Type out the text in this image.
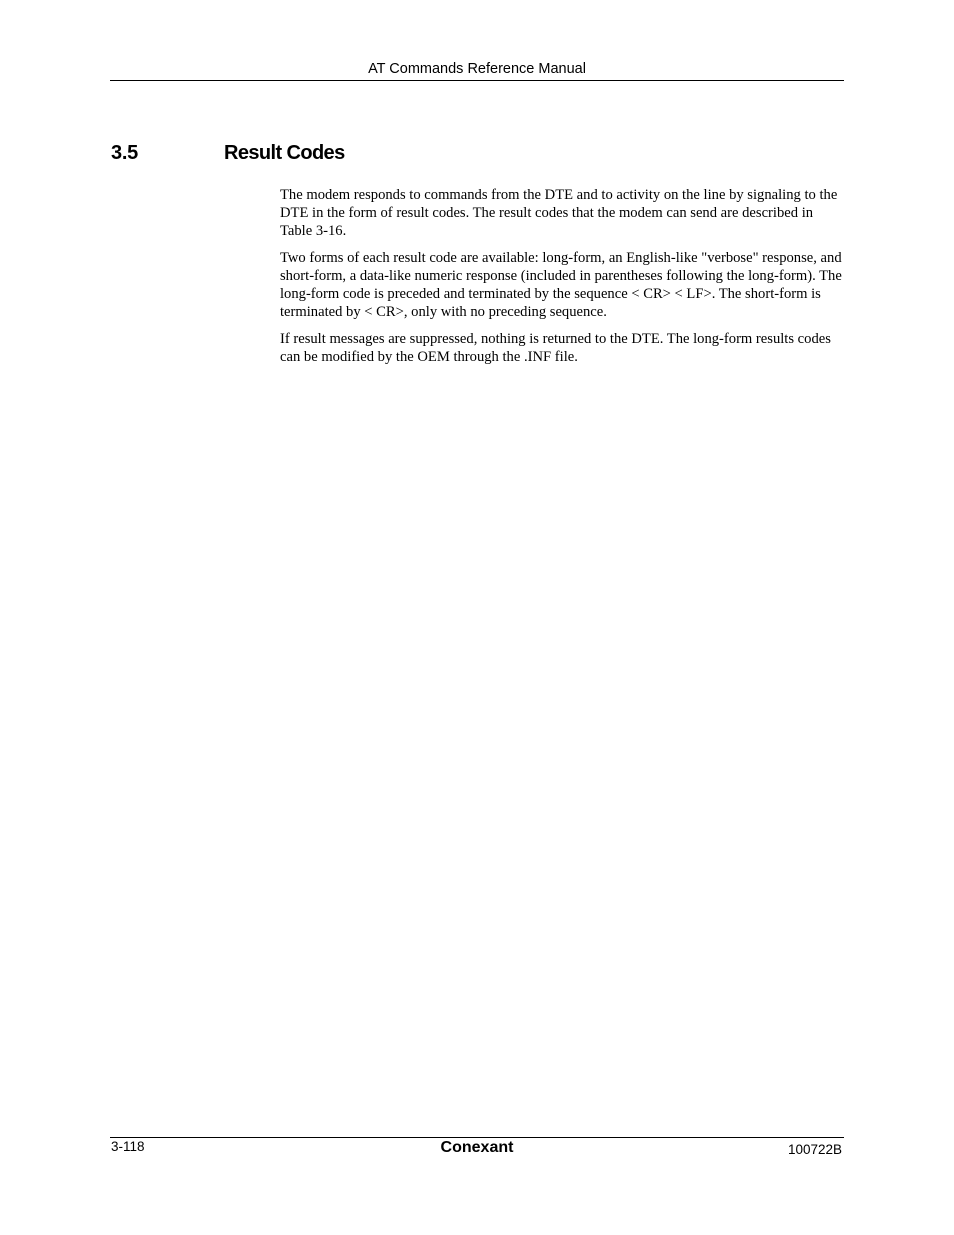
AT Commands Reference Manual
3.5	Result Codes

The modem responds to commands from the DTE and to activity on the line by signaling to the DTE in the form of result codes. The result codes that the modem can send are described in Table 3-16.

Two forms of each result code are available: long-form, an English-like "verbose" response, and short-form, a data-like numeric response (included in parentheses following the long-form). The long-form code is preceded and terminated by the sequence < CR> < LF>. The short-form is terminated by < CR>, only with no preceding sequence.

If result messages are suppressed, nothing is returned to the DTE. The long-form results codes can be modified by the OEM through the .INF file.

3-118	Conexant	100722B
